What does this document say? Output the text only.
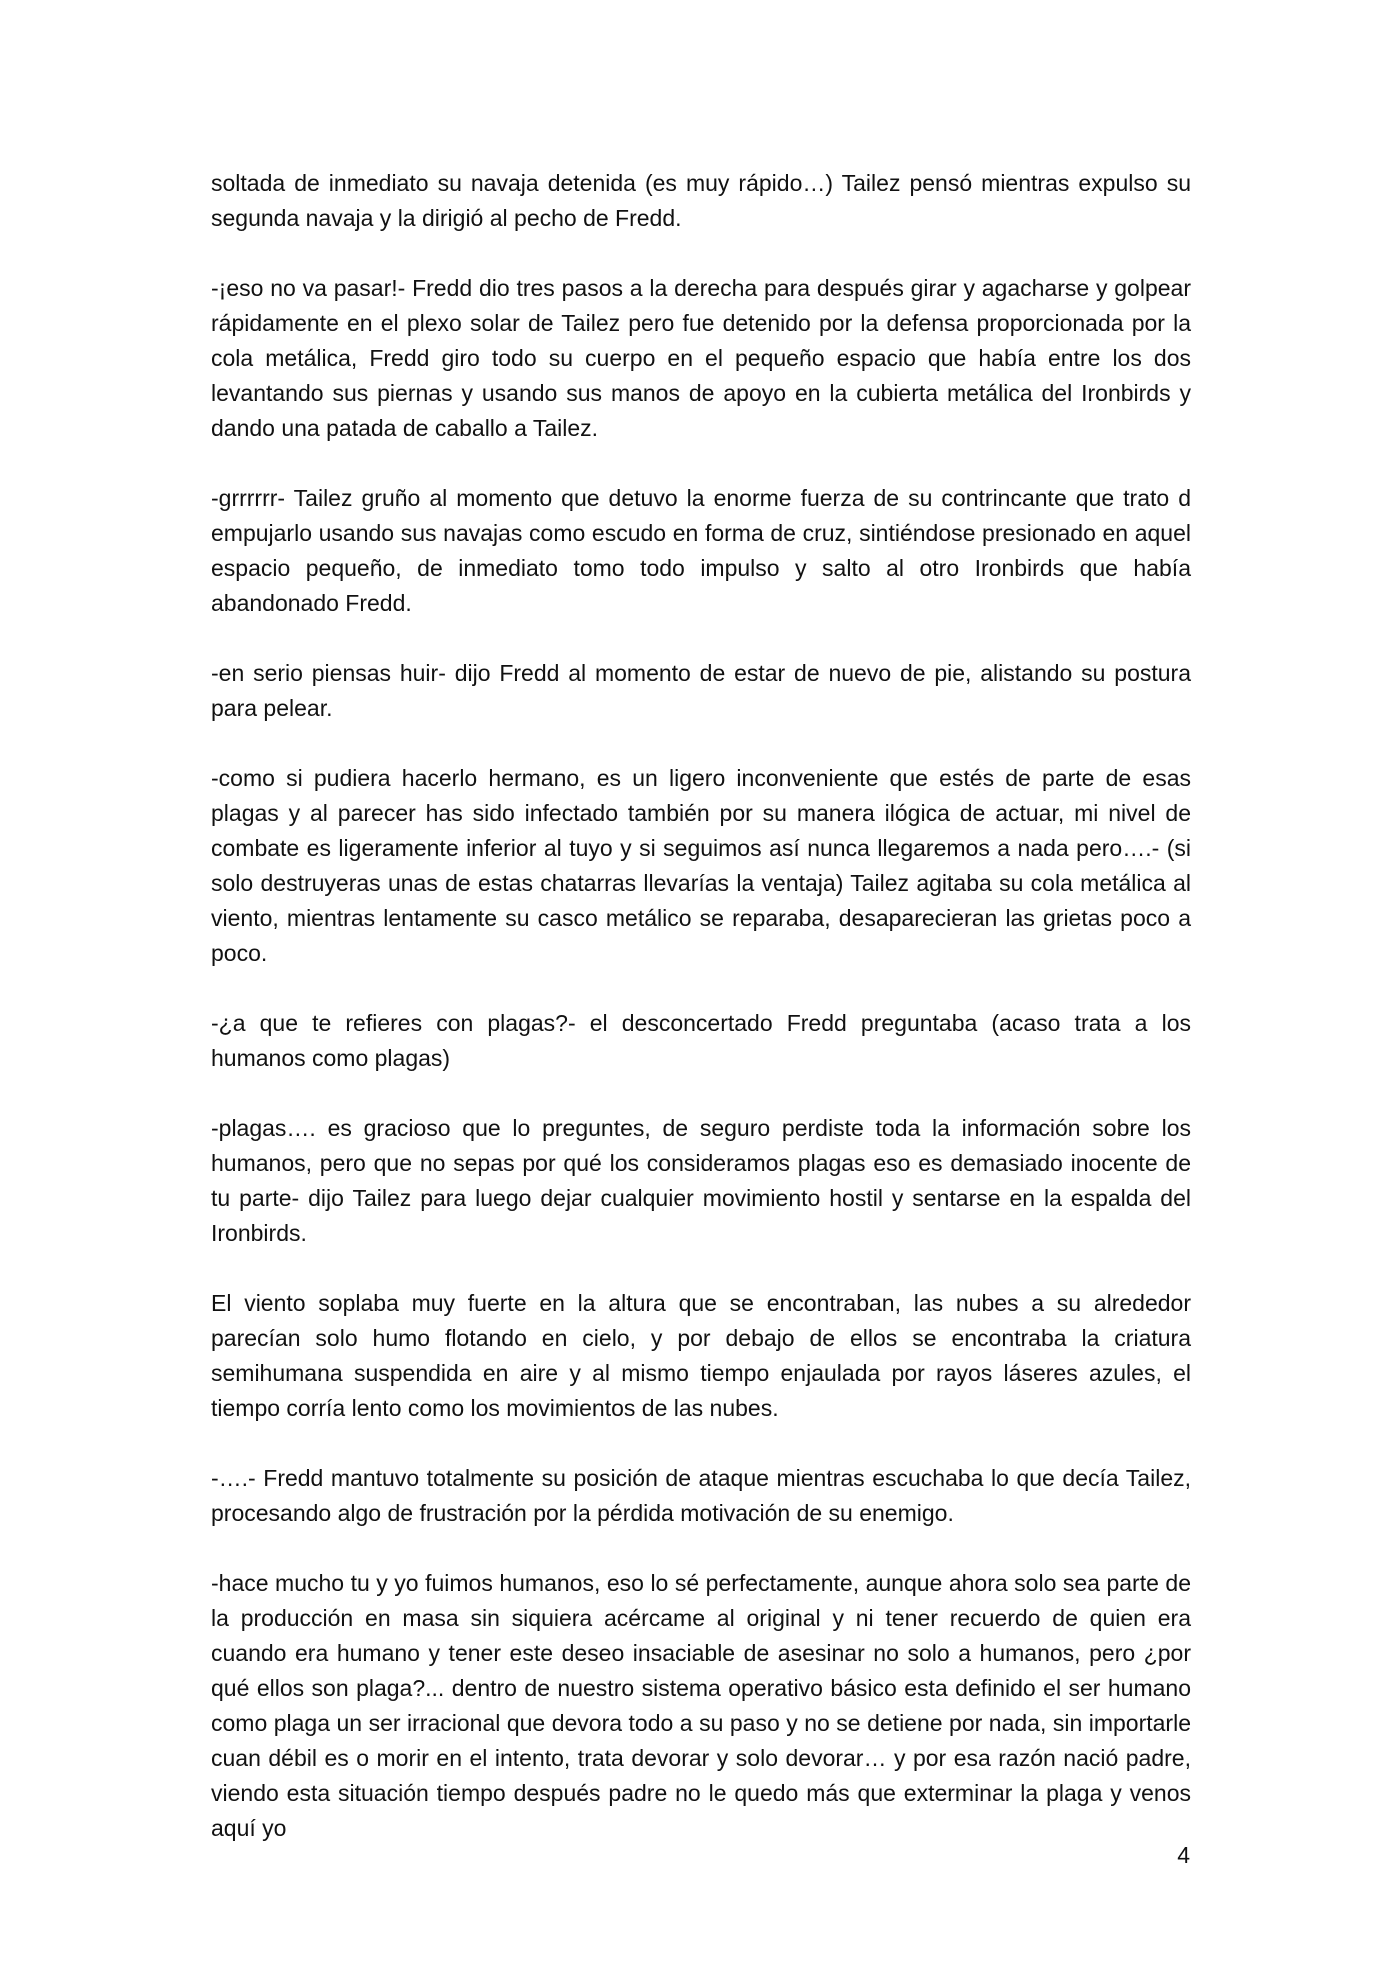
soltada de inmediato su navaja detenida (es muy rápido…) Tailez pensó mientras expulso su segunda navaja y la dirigió al pecho de Fredd.

-¡eso no va pasar!- Fredd dio tres pasos a la derecha para después girar y agacharse y golpear rápidamente en el plexo solar de Tailez pero fue detenido por la defensa proporcionada por la cola metálica, Fredd giro todo su cuerpo en el pequeño espacio que había entre los dos levantando sus piernas y usando sus manos de apoyo en la cubierta metálica del Ironbirds y dando una patada de caballo a Tailez.

-grrrrrr- Tailez gruño al momento que detuvo la enorme fuerza de su contrincante que trato d empujarlo usando sus navajas como escudo en forma de cruz, sintiéndose presionado en aquel espacio pequeño, de inmediato tomo todo impulso y salto al otro Ironbirds que había abandonado Fredd.

-en serio piensas huir- dijo Fredd al momento de estar de nuevo de pie, alistando su postura para pelear.

-como si pudiera hacerlo hermano, es un ligero inconveniente que estés de parte de esas plagas y al parecer has sido infectado también por su manera ilógica de actuar, mi nivel de combate es ligeramente inferior al tuyo y si seguimos así nunca llegaremos a nada pero….- (si solo destruyeras unas de estas chatarras llevarías la ventaja) Tailez agitaba su cola metálica al viento, mientras lentamente su casco metálico se reparaba, desaparecieran las grietas poco a poco.

-¿a que te refieres con plagas?- el desconcertado Fredd preguntaba (acaso trata a los humanos como plagas)

-plagas…. es gracioso que lo preguntes, de seguro perdiste toda la información sobre los humanos, pero que no sepas por qué los consideramos plagas eso es demasiado inocente de tu parte- dijo Tailez para luego dejar cualquier movimiento hostil y sentarse en la espalda del Ironbirds.

El viento soplaba muy fuerte en la altura que se encontraban, las nubes a su alrededor parecían solo humo flotando en cielo, y por debajo de ellos se encontraba la criatura semihumana suspendida en aire y al mismo tiempo enjaulada por rayos láseres azules, el tiempo corría lento como los movimientos de las nubes.

-….- Fredd mantuvo totalmente su posición de ataque mientras escuchaba lo que decía Tailez, procesando algo de frustración por la pérdida motivación de su enemigo.

-hace mucho tu y yo fuimos humanos, eso lo sé perfectamente, aunque ahora solo sea parte de la producción en masa sin siquiera acércame al original y ni tener recuerdo de quien era cuando era humano y tener este deseo insaciable de asesinar no solo a humanos, pero ¿por qué ellos son plaga?... dentro de nuestro sistema operativo básico esta definido el ser humano como plaga un ser irracional que devora todo a su paso y no se detiene por nada, sin importarle cuan débil es o morir en el intento, trata devorar y solo devorar… y por esa razón nació padre, viendo esta situación tiempo después padre no le quedo más que exterminar la plaga y venos aquí yo

4
